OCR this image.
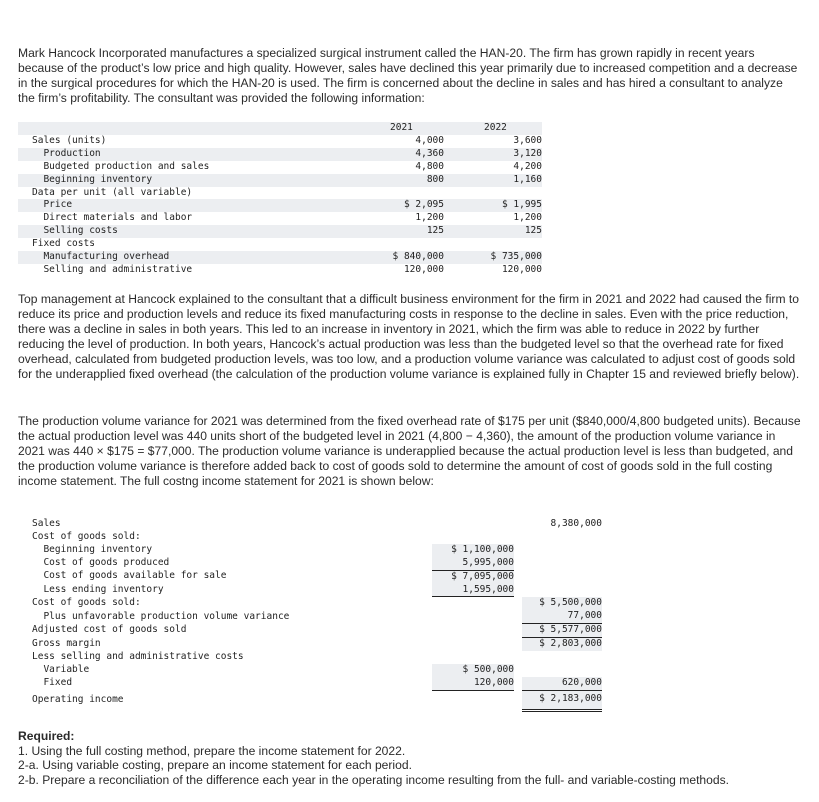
Mark Hancock Incorporated manufactures a specialized surgical instrument called the HAN-20. The firm has grown rapidly in recent years because of the product’s low price and high quality. However, sales have declined this year primarily due to increased competition and a decrease in the surgical procedures for which the HAN-20 is used. The firm is concerned about the decline in sales and has hired a consultant to analyze the firm’s profitability. The consultant was provided the following information:

		2021		2022
Sales (units)		4,000		3,600
Production		4,360		3,120
Budgeted production and sales		4,800		4,200
Beginning inventory		800		1,160
Data per unit (all variable)				
Price		$ 2,095		$ 1,995
Direct materials and labor		1,200		1,200
Selling costs		125		125
Fixed costs				
Manufacturing overhead		$ 840,000		$ 735,000
Selling and administrative		120,000		120,000

Top management at Hancock explained to the consultant that a difficult business environment for the firm in 2021 and 2022 had caused the firm to reduce its price and production levels and reduce its fixed manufacturing costs in response to the decline in sales. Even with the price reduction, there was a decline in sales in both years. This led to an increase in inventory in 2021, which the firm was able to reduce in 2022 by further reducing the level of production. In both years, Hancock’s actual production was less than the budgeted level so that the overhead rate for fixed overhead, calculated from budgeted production levels, was too low, and a production volume variance was calculated to adjust cost of goods sold for the underapplied fixed overhead (the calculation of the production volume variance is explained fully in Chapter 15 and reviewed briefly below).

The production volume variance for 2021 was determined from the fixed overhead rate of $175 per unit ($840,000/4,800 budgeted units). Because the actual production level was 440 units short of the budgeted level in 2021 (4,800 − 4,360), the amount of the production volume variance in 2021 was 440 × $175 = $77,000. The production volume variance is underapplied because the actual production level is less than budgeted, and the production volume variance is therefore added back to cost of goods sold to determine the amount of cost of goods sold in the full costing income statement. The full costng income statement for 2021 is shown below:

Sales			8,380,000
Cost of goods sold:			
Beginning inventory	$ 1,100,000		
Cost of goods produced	5,995,000		
Cost of goods available for sale	$ 7,095,000		
Less ending inventory	1,595,000		
Cost of goods sold:			$ 5,500,000
Plus unfavorable production volume variance			77,000
Adjusted cost of goods sold			$ 5,577,000
Gross margin			$ 2,803,000
Less selling and administrative costs			
Variable	$ 500,000		
Fixed	120,000		620,000
Operating income			$ 2,183,000
Required:
1. Using the full costing method, prepare the income statement for 2022.
2-a. Using variable costing, prepare an income statement for each period.
2-b. Prepare a reconciliation of the difference each year in the operating income resulting from the full- and variable-costing methods.
